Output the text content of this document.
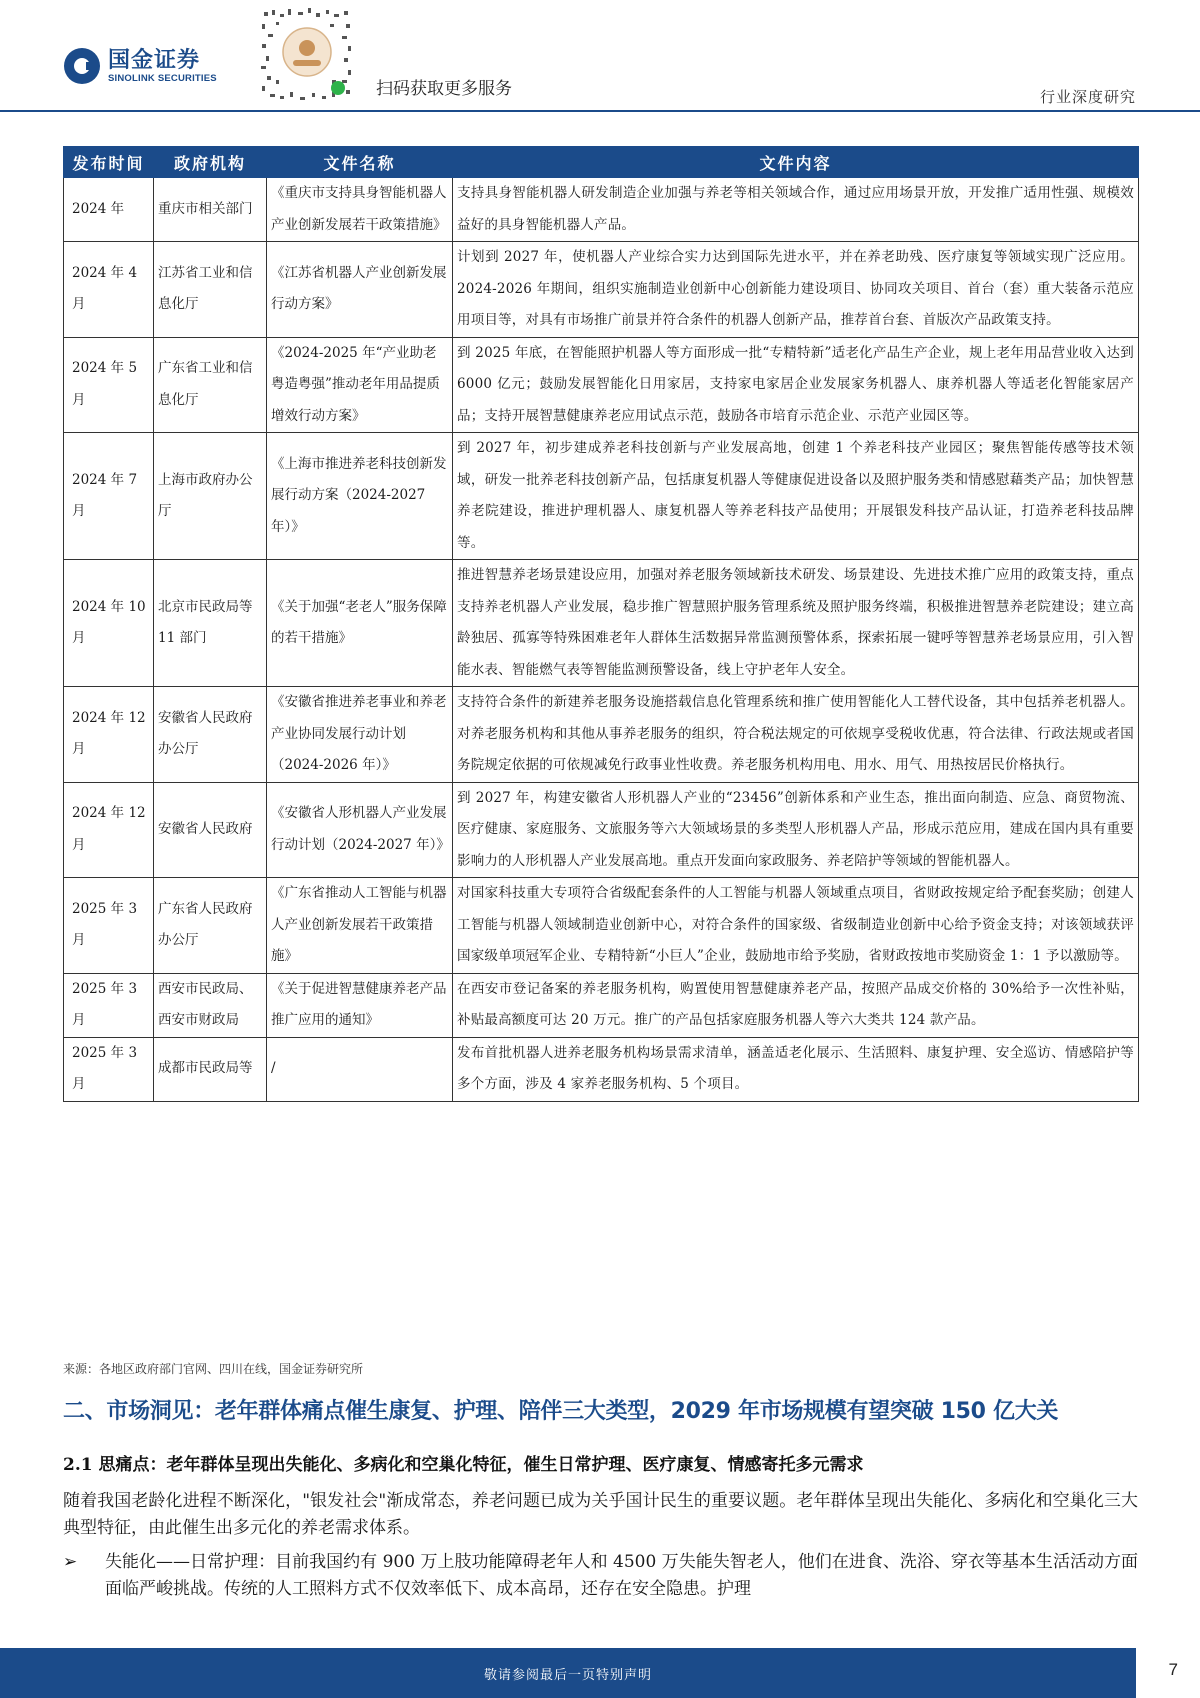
国金证券
SINOLINK SECURITIES
扫码获取更多服务	行业深度研究
发布时间	政府机构	文件名称	文件内容
2024 年	重庆市相关部门	《重庆市支持具身智能机器人产业创新发展若干政策措施》	支持具身智能机器人研发制造企业加强与养老等相关领域合作，通过应用场景开放，开发推广适用性强、规模效益好的具身智能机器人产品。
2024 年 4 月	江苏省工业和信息化厅	《江苏省机器人产业创新发展行动方案》	计划到 2027 年，使机器人产业综合实力达到国际先进水平，并在养老助残、医疗康复等领域实现广泛应用。2024-2026 年期间，组织实施制造业创新中心创新能力建设项目、协同攻关项目、首台（套）重大装备示范应用项目等，对具有市场推广前景并符合条件的机器人创新产品，推荐首台套、首版次产品政策支持。
2024 年 5 月	广东省工业和信息化厅	《2024-2025 年“产业助老粤造粤强”推动老年用品提质增效行动方案》	到 2025 年底，在智能照护机器人等方面形成一批“专精特新”适老化产品生产企业，规上老年用品营业收入达到 6000 亿元；鼓励发展智能化日用家居，支持家电家居企业发展家务机器人、康养机器人等适老化智能家居产品；支持开展智慧健康养老应用试点示范，鼓励各市培育示范企业、示范产业园区等。
2024 年 7 月	上海市政府办公厅	《上海市推进养老科技创新发展行动方案（2024-2027 年）》	到 2027 年，初步建成养老科技创新与产业发展高地，创建 1 个养老科技产业园区；聚焦智能传感等技术领域，研发一批养老科技创新产品，包括康复机器人等健康促进设备以及照护服务类和情感慰藉类产品；加快智慧养老院建设，推进护理机器人、康复机器人等养老科技产品使用；开展银发科技产品认证，打造养老科技品牌等。
2024 年 10 月	北京市民政局等 11 部门	《关于加强“老老人”服务保障的若干措施》	推进智慧养老场景建设应用，加强对养老服务领域新技术研发、场景建设、先进技术推广应用的政策支持，重点支持养老机器人产业发展，稳步推广智慧照护服务管理系统及照护服务终端，积极推进智慧养老院建设；建立高龄独居、孤寡等特殊困难老年人群体生活数据异常监测预警体系，探索拓展一键呼等智慧养老场景应用，引入智能水表、智能燃气表等智能监测预警设备，线上守护老年人安全。
2024 年 12 月	安徽省人民政府办公厅	《安徽省推进养老事业和养老产业协同发展行动计划（2024-2026 年）》	支持符合条件的新建养老服务设施搭载信息化管理系统和推广使用智能化人工替代设备，其中包括养老机器人。对养老服务机构和其他从事养老服务的组织，符合税法规定的可依规享受税收优惠，符合法律、行政法规或者国务院规定依据的可依规减免行政事业性收费。养老服务机构用电、用水、用气、用热按居民价格执行。
2024 年 12 月	安徽省人民政府	《安徽省人形机器人产业发展行动计划（2024-2027 年）》	到 2027 年，构建安徽省人形机器人产业的“23456”创新体系和产业生态，推出面向制造、应急、商贸物流、医疗健康、家庭服务、文旅服务等六大领域场景的多类型人形机器人产品，形成示范应用，建成在国内具有重要影响力的人形机器人产业发展高地。重点开发面向家政服务、养老陪护等领域的智能机器人。
2025 年 3 月	广东省人民政府办公厅	《广东省推动人工智能与机器人产业创新发展若干政策措施》	对国家科技重大专项符合省级配套条件的人工智能与机器人领域重点项目，省财政按规定给予配套奖励；创建人工智能与机器人领域制造业创新中心，对符合条件的国家级、省级制造业创新中心给予资金支持；对该领域获评国家级单项冠军企业、专精特新“小巨人”企业，鼓励地市给予奖励，省财政按地市奖励资金 1：1 予以激励等。
2025 年 3 月	西安市民政局、西安市财政局	《关于促进智慧健康养老产品推广应用的通知》	在西安市登记备案的养老服务机构，购置使用智慧健康养老产品，按照产品成交价格的 30%给予一次性补贴，补贴最高额度可达 20 万元。推广的产品包括家庭服务机器人等六大类共 124 款产品。
2025 年 3 月	成都市民政局等	/	发布首批机器人进养老服务机构场景需求清单，涵盖适老化展示、生活照料、康复护理、安全巡访、情感陪护等多个方面，涉及 4 家养老服务机构、5 个项目。
来源：各地区政府部门官网、四川在线，国金证券研究所
二、市场洞见：老年群体痛点催生康复、护理、陪伴三大类型，2029 年市场规模有望突破 150 亿大关
2.1 思痛点：老年群体呈现出失能化、多病化和空巢化特征，催生日常护理、医疗康复、情感寄托多元需求
随着我国老龄化进程不断深化，"银发社会"渐成常态，养老问题已成为关乎国计民生的重要议题。老年群体呈现出失能化、多病化和空巢化三大典型特征，由此催生出多元化的养老需求体系。
➢	失能化——日常护理：目前我国约有 900 万上肢功能障碍老年人和 4500 万失能失智老人，他们在进食、洗浴、穿衣等基本生活活动方面面临严峻挑战。传统的人工照料方式不仅效率低下、成本高昂，还存在安全隐患。护理
敬请参阅最后一页特别声明	7
